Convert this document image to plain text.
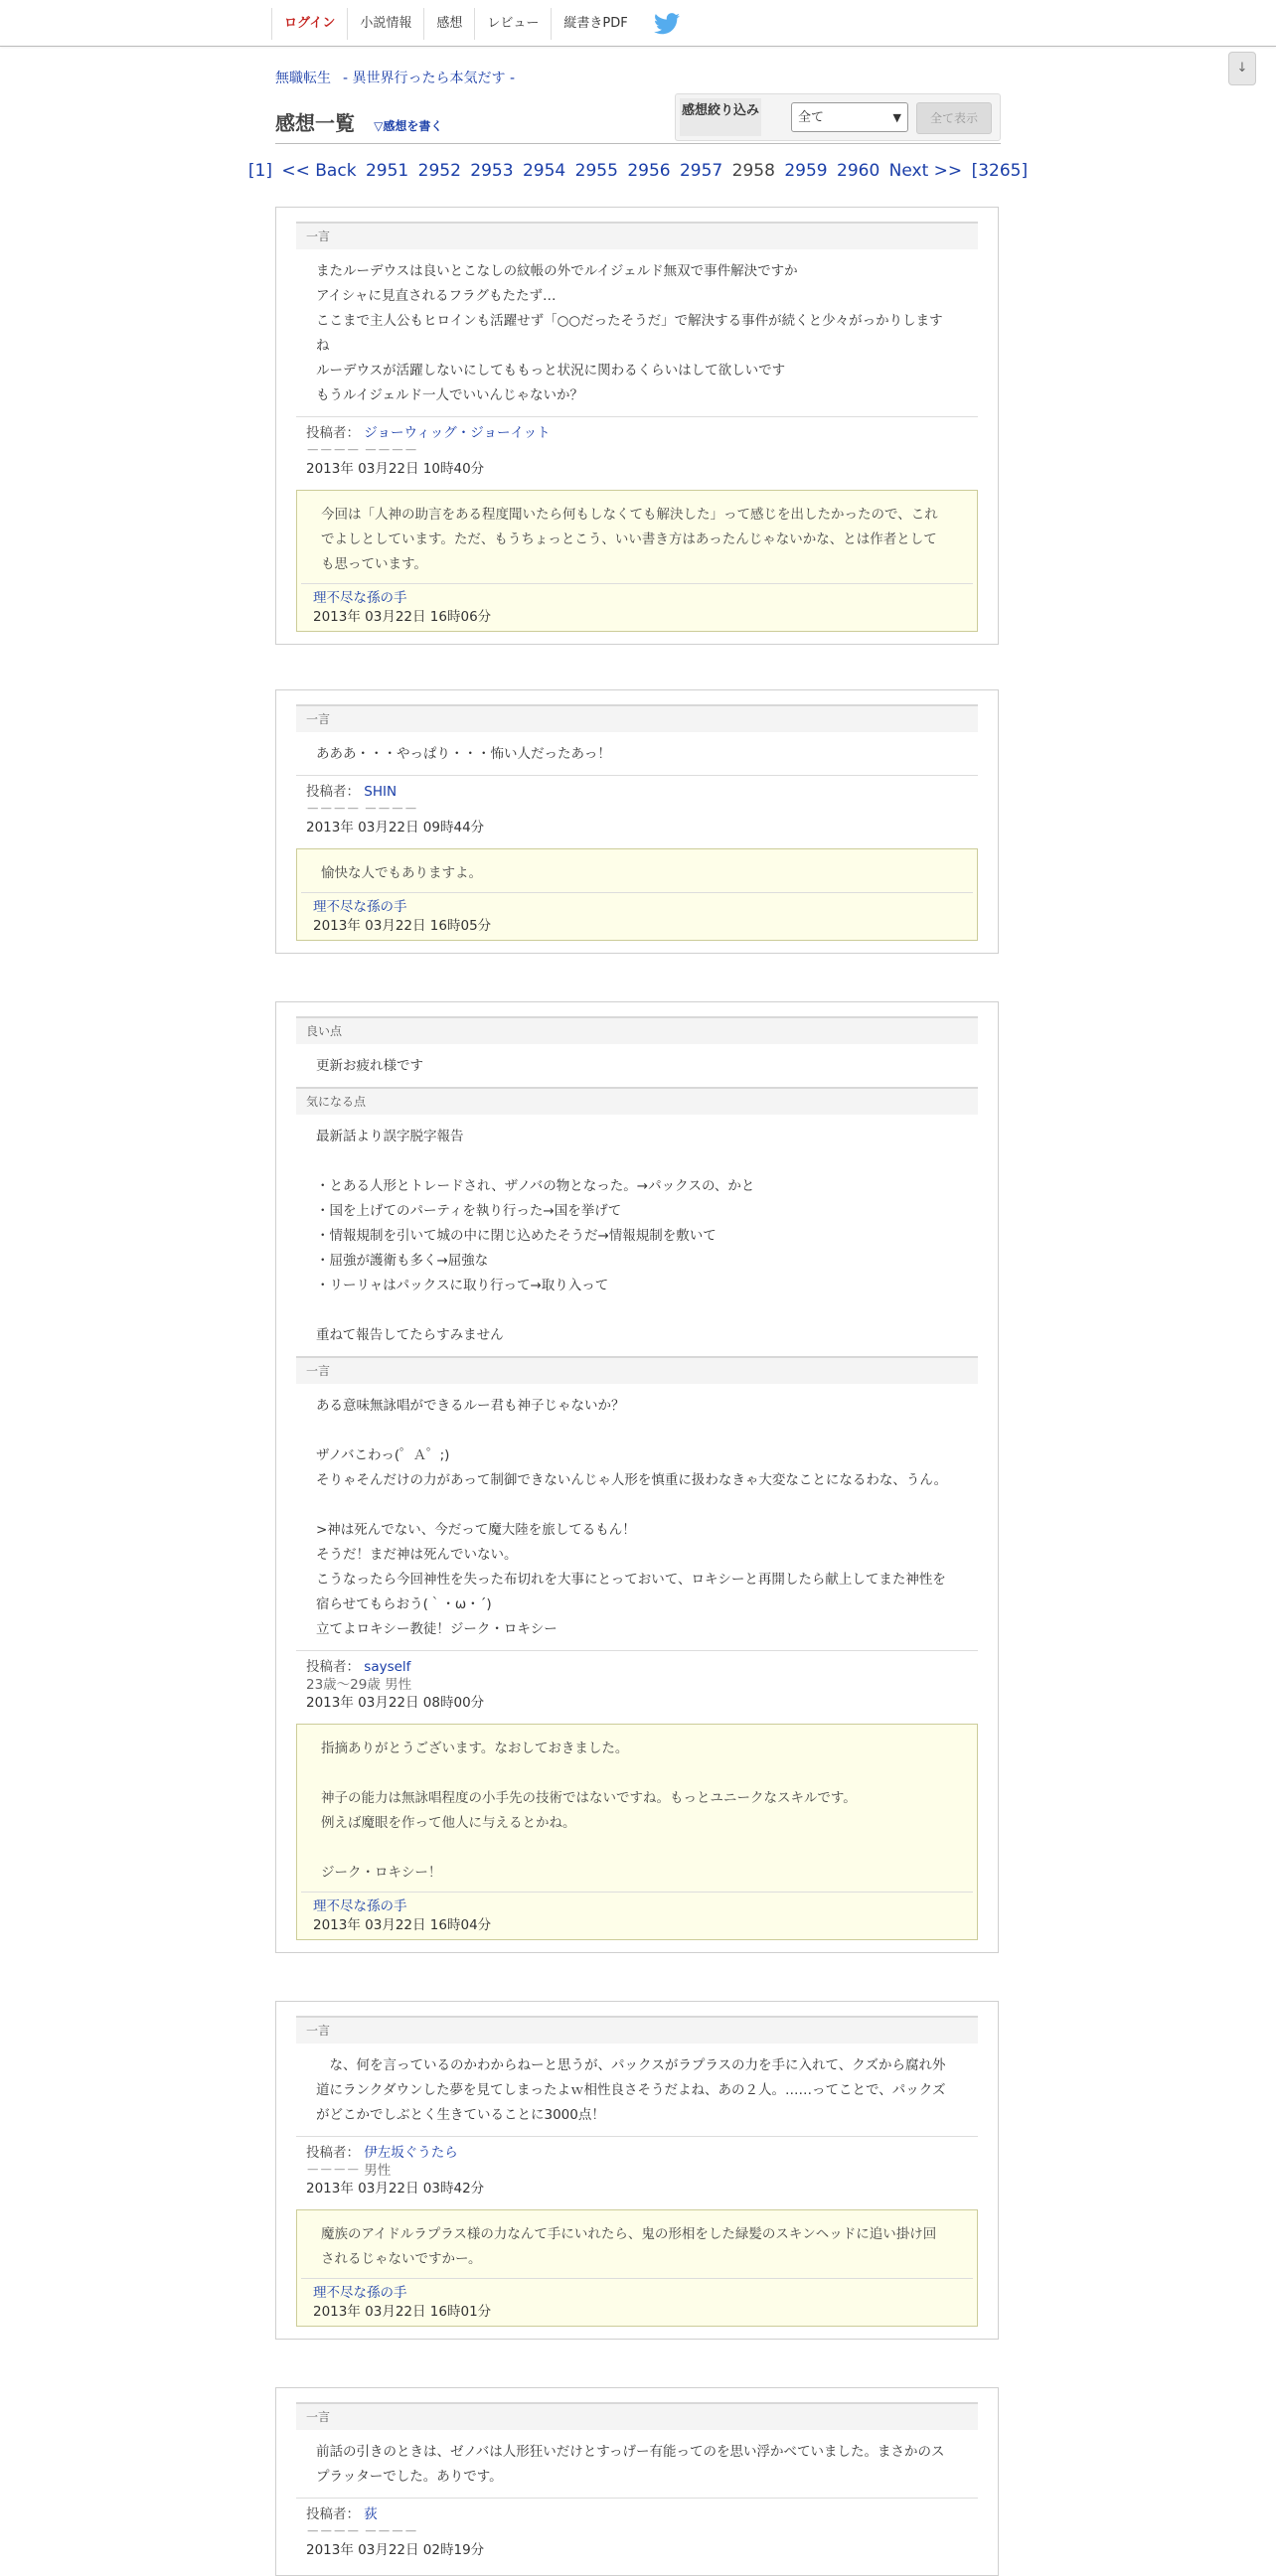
ログイン	小説情報	感想	レビュー	縦書きPDF
↓
無職転生 - 異世界行ったら本気だす -
感想一覧 ▽感想を書く
感想絞り込み	全て	▼	全て表示
[1] << Back 2951 2952 2953 2954 2955 2956 2957 2958 2959 2960 Next >> [3265]
一言
またルーデウスは良いとこなしの紋帳の外でルイジェルド無双で事件解決ですか
アイシャに見直されるフラグもたたず…
ここまで主人公もヒロインも活躍せず「○○だったそうだ」で解決する事件が続くと少々がっかりします
ね
ルーデウスが活躍しないにしてももっと状況に関わるくらいはして欲しいです
もうルイジェルド一人でいいんじゃないか？
投稿者： ジョーウィッグ・ジョーイット
－－－－ －－－－
2013年 03月22日 10時40分
今回は「人神の助言をある程度聞いたら何もしなくても解決した」って感じを出したかったので、これ
でよしとしています。ただ、もうちょっとこう、いい書き方はあったんじゃないかな、とは作者として
も思っています。
理不尽な孫の手
2013年 03月22日 16時06分
一言
あああ・・・やっぱり・・・怖い人だったあっ！
投稿者： SHIN
－－－－ －－－－
2013年 03月22日 09時44分
愉快な人でもありますよ。
理不尽な孫の手
2013年 03月22日 16時05分
良い点
更新お疲れ様です
気になる点
最新話より誤字脱字報告
・とある人形とトレードされ、ザノバの物となった。→パックスの、かと
・国を上げてのパーティを執り行った→国を挙げて
・情報規制を引いて城の中に閉じ込めたそうだ→情報規制を敷いて
・屈強が護衛も多く→屈強な
・リーリャはパックスに取り行って→取り入って
重ねて報告してたらすみません
一言
ある意味無詠唱ができるルー君も神子じゃないか？
ザノバこわっ(゜Ａ゜;)
そりゃそんだけの力があって制御できないんじゃ人形を慎重に扱わなきゃ大変なことになるわな、うん。
>神は死んでない、今だって魔大陸を旅してるもん！
そうだ！まだ神は死んでいない。
こうなったら今回神性を失った布切れを大事にとっておいて、ロキシーと再開したら献上してまた神性を
宿らせてもらおう(｀・ω・´)
立てよロキシー教徒！ジーク・ロキシー
投稿者： sayself
23歳～29歳 男性
2013年 03月22日 08時00分
指摘ありがとうございます。なおしておきました。
神子の能力は無詠唱程度の小手先の技術ではないですね。もっとユニークなスキルです。
例えば魔眼を作って他人に与えるとかね。
ジーク・ロキシー！
理不尽な孫の手
2013年 03月22日 16時04分
一言
　な、何を言っているのかわからねーと思うが、パックスがラプラスの力を手に入れて、クズから腐れ外
道にランクダウンした夢を見てしまったよｗ相性良さそうだよね、あの２人。……ってことで、パックズ
がどこかでしぶとく生きていることに3000点！
投稿者： 伊左坂ぐうたら
－－－－ 男性
2013年 03月22日 03時42分
魔族のアイドルラプラス様の力なんて手にいれたら、鬼の形相をした緑髪のスキンヘッドに追い掛け回
されるじゃないですかー。
理不尽な孫の手
2013年 03月22日 16時01分
一言
前話の引きのときは、ゼノバは人形狂いだけとすっげー有能ってのを思い浮かべていました。まさかのス
プラッターでした。ありです。
投稿者： 荻
－－－－ －－－－
2013年 03月22日 02時19分
